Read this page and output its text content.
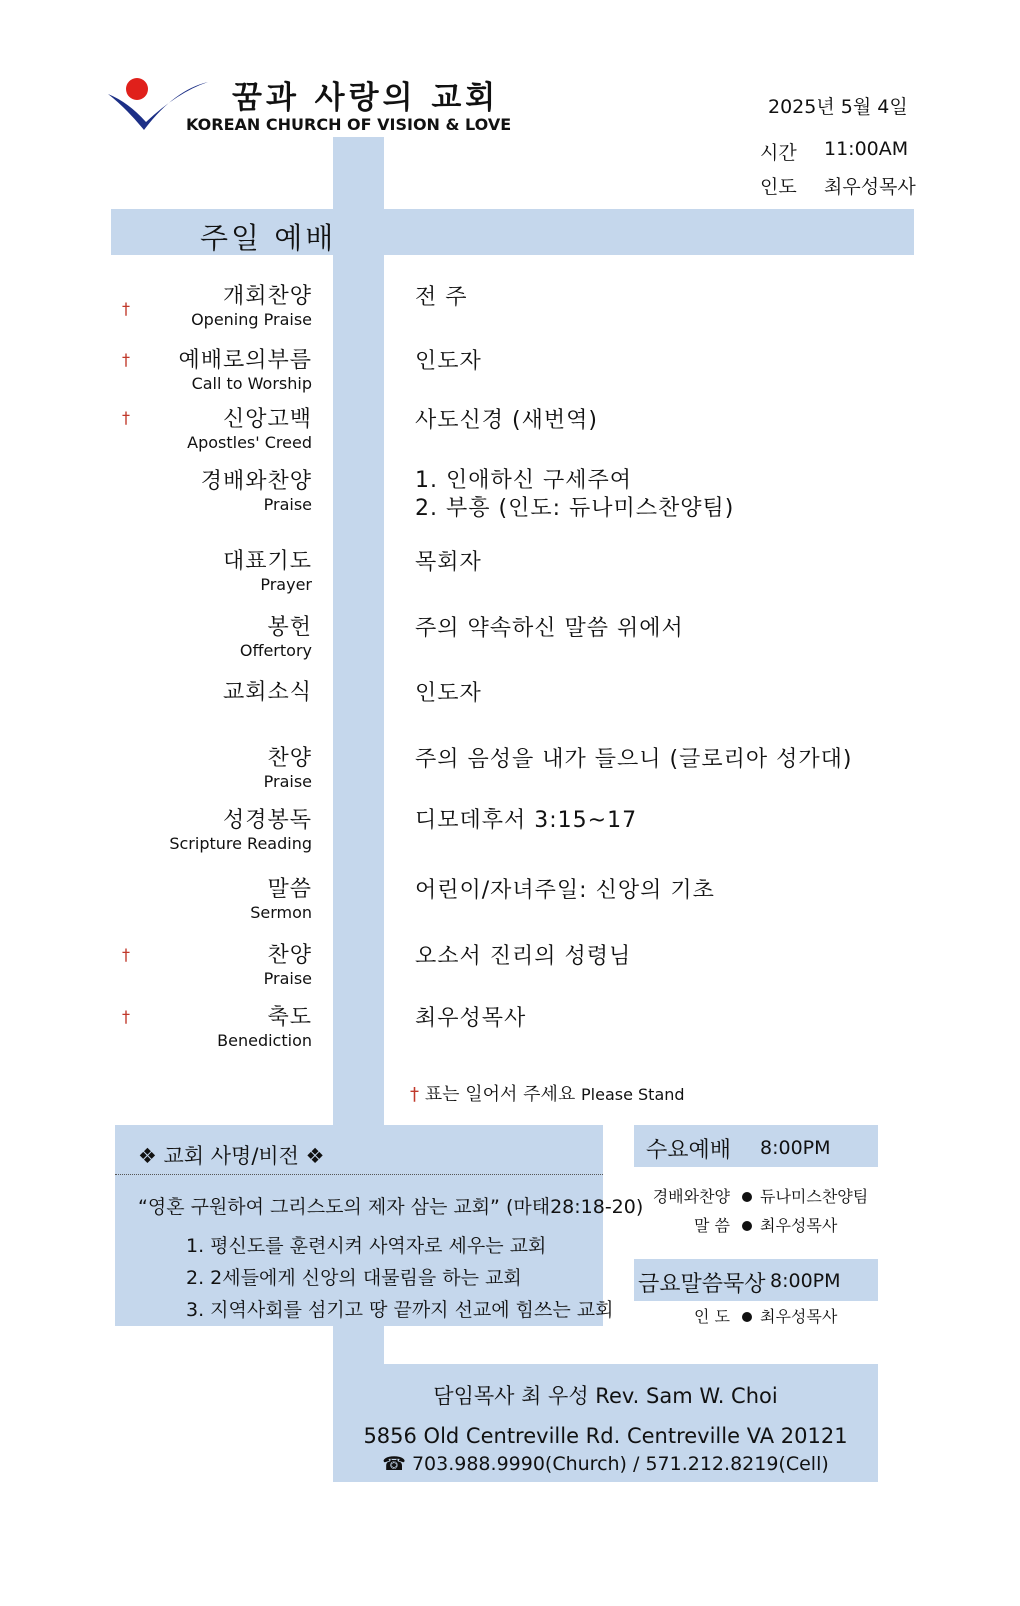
꿈과 사랑의 교회
KOREAN CHURCH OF VISION & LOVE
2025년 5월 4일
시간 11:00AM
인도 최우성목사
주일 예배
개회찬양
Opening Praise
예배로의부름
Call to Worship
신앙고백
Apostles' Creed
경배와찬양
Praise
대표기도
Prayer
봉헌
Offertory
교회소식
찬양
Praise
성경봉독
Scripture Reading
말씀
Sermon
찬양
Praise
축도
Benediction
†
†
†
†
†
전 주
인도자
사도신경 (새번역)
1. 인애하신 구세주여
2. 부흥 (인도: 듀나미스찬양팀)
목회자
주의 약속하신 말씀 위에서
인도자
주의 음성을 내가 들으니 (글로리아 성가대)
디모데후서 3:15~17
어린이/자녀주일: 신앙의 기초
오소서 진리의 성령님
최우성목사
† 표는 일어서 주세요 Please Stand
❖ 교회 사명/비전 ❖
“영혼 구원하여 그리스도의 제자 삼는 교회” (마태28:18-20)
1. 평신도를 훈련시켜 사역자로 세우는 교회
2. 2세들에게 신앙의 대물림을 하는 교회
3. 지역사회를 섬기고 땅 끝까지 선교에 힘쓰는 교회
수요예배 8:00PM
경배와찬양 듀나미스찬양팀
말 씀 최우성목사
금요말씀묵상 8:00PM
인 도 최우성목사
담임목사 최 우성 Rev. Sam W. Choi
5856 Old Centreville Rd. Centreville VA 20121
☎ 703.988.9990(Church) / 571.212.8219(Cell)
